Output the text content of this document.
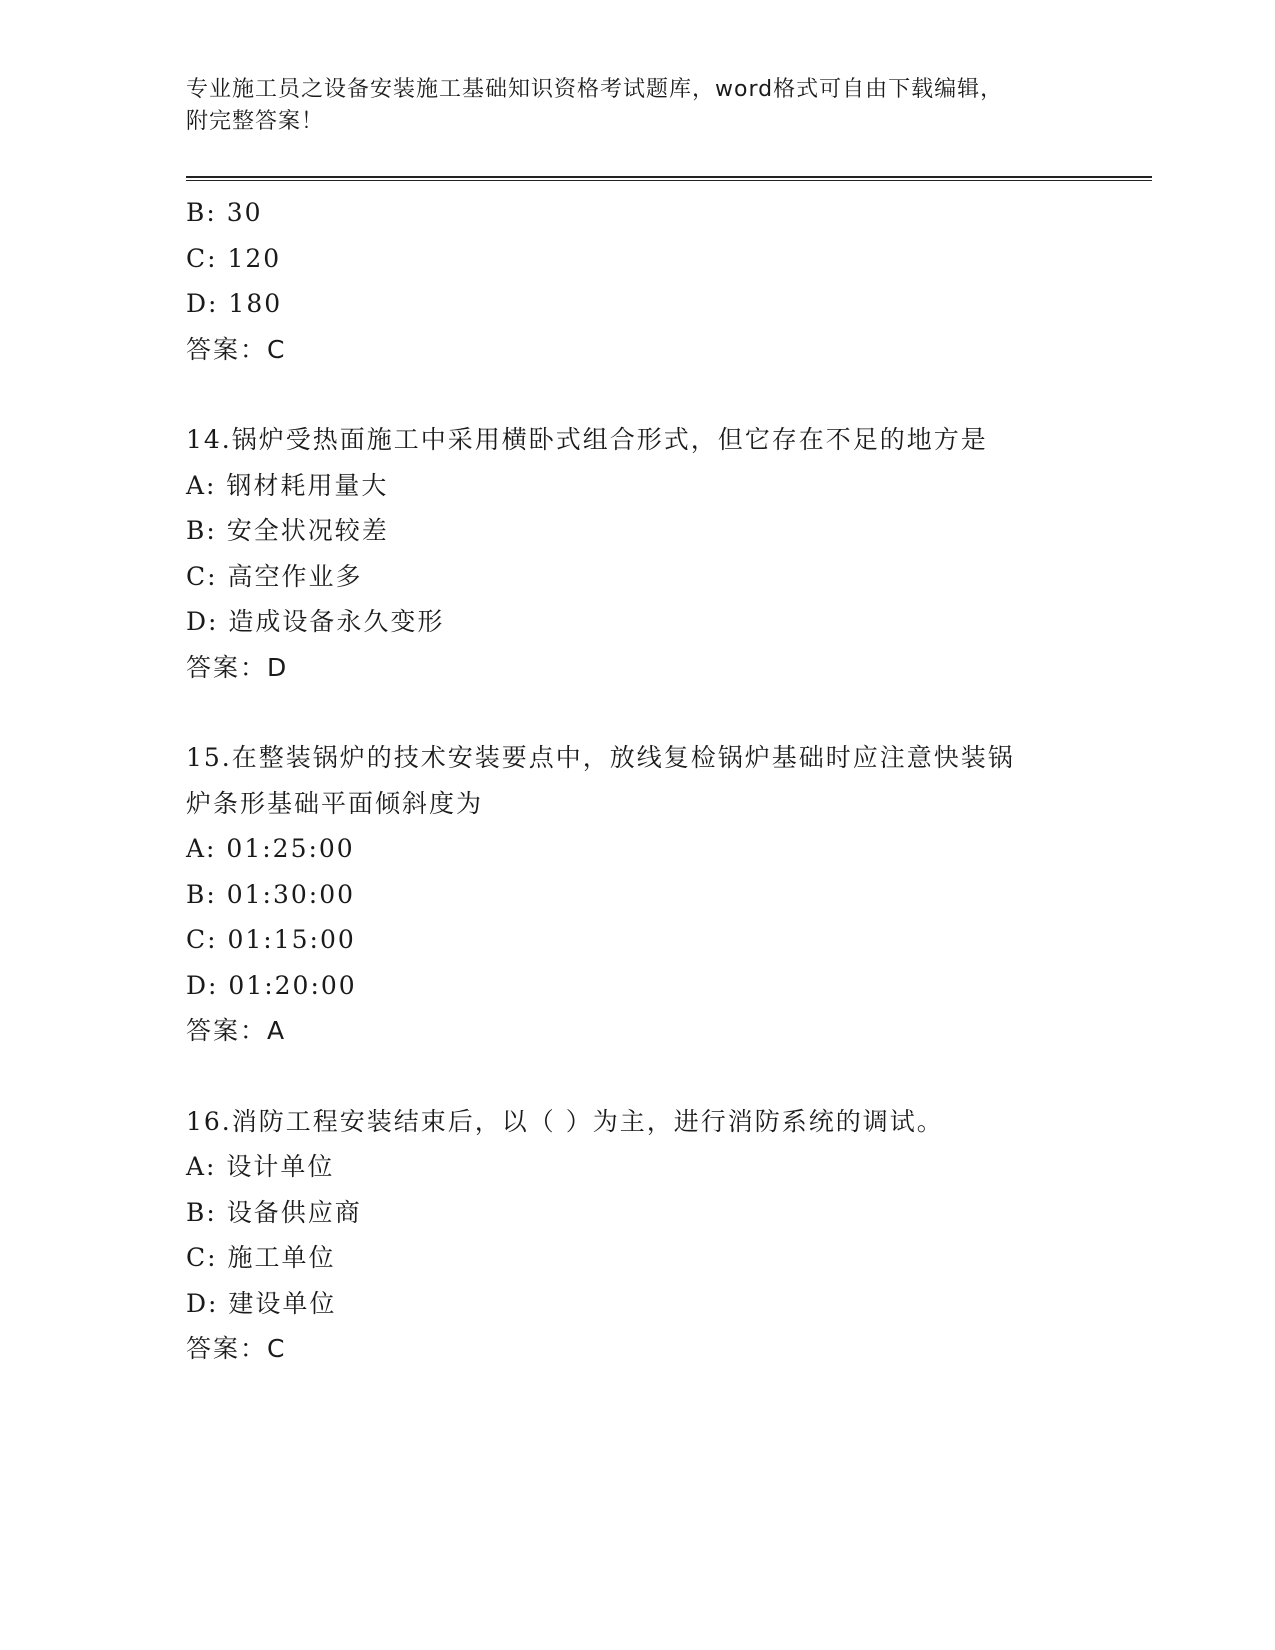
专业施工员之设备安装施工基础知识资格考试题库，word格式可自由下载编辑，
附完整答案！
B: 30
C: 120
D: 180
答案：C
14.锅炉受热面施工中采用横卧式组合形式，但它存在不足的地方是
A: 钢材耗用量大
B: 安全状况较差
C: 高空作业多
D: 造成设备永久变形
答案：D
15.在整装锅炉的技术安装要点中，放线复检锅炉基础时应注意快装锅
炉条形基础平面倾斜度为
A: 01:25:00
B: 01:30:00
C: 01:15:00
D: 01:20:00
答案：A
16.消防工程安装结束后，以（ ）为主，进行消防系统的调试。
A: 设计单位
B: 设备供应商
C: 施工单位
D: 建设单位
答案：C
